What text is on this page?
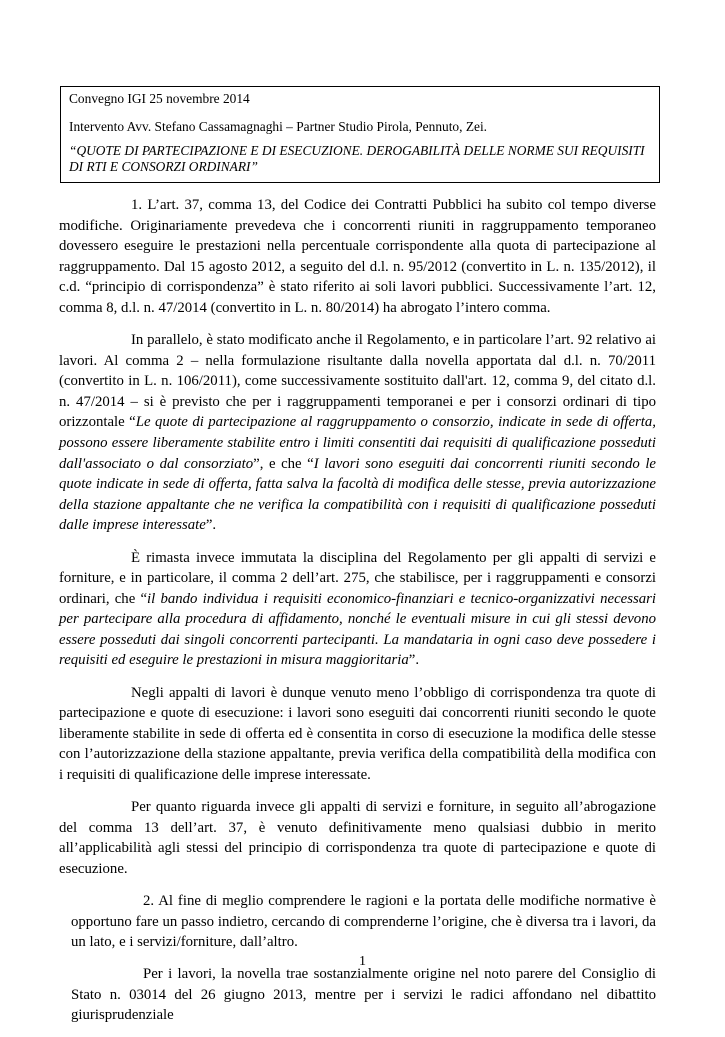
Convegno IGI 25 novembre 2014

Intervento Avv. Stefano Cassamagnaghi – Partner Studio Pirola, Pennuto, Zei.

“QUOTE DI PARTECIPAZIONE E DI ESECUZIONE. DEROGABILITÀ DELLE NORME SUI REQUISITI DI RTI E CONSORZI ORDINARI”

1. L’art. 37, comma 13, del Codice dei Contratti Pubblici ha subito col tempo diverse modifiche. Originariamente prevedeva che i concorrenti riuniti in raggruppamento temporaneo dovessero eseguire le prestazioni nella percentuale corrispondente alla quota di partecipazione al raggruppamento. Dal 15 agosto 2012, a seguito del d.l. n. 95/2012 (convertito in L. n. 135/2012), il c.d. “principio di corrispondenza” è stato riferito ai soli lavori pubblici. Successivamente l’art. 12, comma 8, d.l. n. 47/2014 (convertito in L. n. 80/2014) ha abrogato l’intero comma.

In parallelo, è stato modificato anche il Regolamento, e in particolare l’art. 92 relativo ai lavori. Al comma 2 – nella formulazione risultante dalla novella apportata dal d.l. n. 70/2011 (convertito in L. n. 106/2011), come successivamente sostituito dall'art. 12, comma 9, del citato d.l. n. 47/2014 – si è previsto che per i raggruppamenti temporanei e per i consorzi ordinari di tipo orizzontale “Le quote di partecipazione al raggruppamento o consorzio, indicate in sede di offerta, possono essere liberamente stabilite entro i limiti consentiti dai requisiti di qualificazione posseduti dall'associato o dal consorziato”, e che “I lavori sono eseguiti dai concorrenti riuniti secondo le quote indicate in sede di offerta, fatta salva la facoltà di modifica delle stesse, previa autorizzazione della stazione appaltante che ne verifica la compatibilità con i requisiti di qualificazione posseduti dalle imprese interessate”.

È rimasta invece immutata la disciplina del Regolamento per gli appalti di servizi e forniture, e in particolare, il comma 2 dell’art. 275, che stabilisce, per i raggruppamenti e consorzi ordinari, che “il bando individua i requisiti economico-finanziari e tecnico-organizzativi necessari per partecipare alla procedura di affidamento, nonché le eventuali misure in cui gli stessi devono essere posseduti dai singoli concorrenti partecipanti. La mandataria in ogni caso deve possedere i requisiti ed eseguire le prestazioni in misura maggioritaria”.

Negli appalti di lavori è dunque venuto meno l’obbligo di corrispondenza tra quote di partecipazione e quote di esecuzione: i lavori sono eseguiti dai concorrenti riuniti secondo le quote liberamente stabilite in sede di offerta ed è consentita in corso di esecuzione la modifica delle stesse con l’autorizzazione della stazione appaltante, previa verifica della compatibilità della modifica con i requisiti di qualificazione delle imprese interessate.

Per quanto riguarda invece gli appalti di servizi e forniture, in seguito all’abrogazione del comma 13 dell’art. 37, è venuto definitivamente meno qualsiasi dubbio in merito all’applicabilità agli stessi del principio di corrispondenza tra quote di partecipazione e quote di esecuzione.

2. Al fine di meglio comprendere le ragioni e la portata delle modifiche normative è opportuno fare un passo indietro, cercando di comprenderne l’origine, che è diversa tra i lavori, da un lato, e i servizi/forniture, dall’altro.

Per i lavori, la novella trae sostanzialmente origine nel noto parere del Consiglio di Stato n. 03014 del 26 giugno 2013, mentre per i servizi le radici affondano nel dibattito giurisprudenziale

1
